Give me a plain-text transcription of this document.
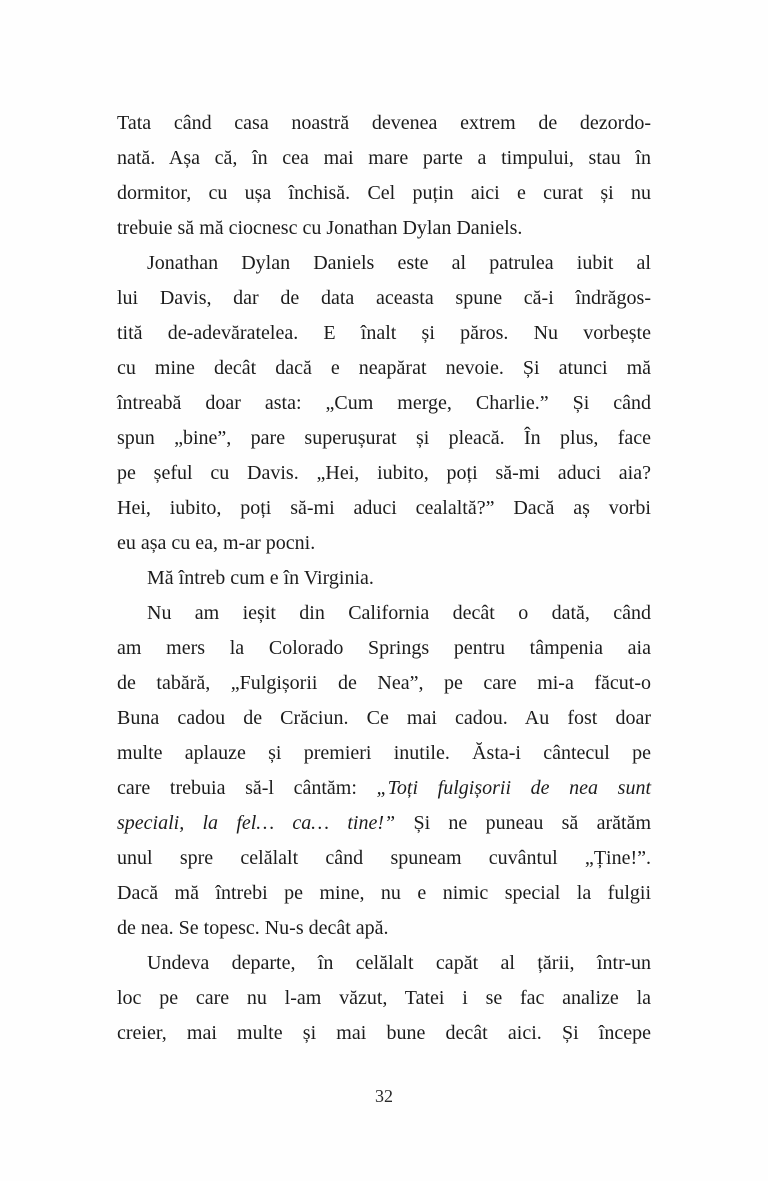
Tata când casa noastră devenea extrem de dezordo-
nată. Așa că, în cea mai mare parte a timpului, stau în
dormitor, cu ușa închisă. Cel puțin aici e curat și nu
trebuie să mă ciocnesc cu Jonathan Dylan Daniels.
Jonathan Dylan Daniels este al patrulea iubit al
lui Davis, dar de data aceasta spune că-i îndrăgos-
tită de-adevăratelea. E înalt și păros. Nu vorbește
cu mine decât dacă e neapărat nevoie. Și atunci mă
întreabă doar asta: „Cum merge, Charlie.” Și când
spun „bine”, pare superușurat și pleacă. În plus, face
pe șeful cu Davis. „Hei, iubito, poți să-mi aduci aia?
Hei, iubito, poți să-mi aduci cealaltă?” Dacă aș vorbi
eu așa cu ea, m-ar pocni.
Mă întreb cum e în Virginia.
Nu am ieșit din California decât o dată, când
am mers la Colorado Springs pentru tâmpenia aia
de tabără, „Fulgișorii de Nea”, pe care mi-a făcut-o
Buna cadou de Crăciun. Ce mai cadou. Au fost doar
multe aplauze și premieri inutile. Ăsta-i cântecul pe
care trebuia să-l cântăm: „Toți fulgișorii de nea sunt
speciali, la fel… ca… tine!” Și ne puneau să arătăm
unul spre celălalt când spuneam cuvântul „Ține!”.
Dacă mă întrebi pe mine, nu e nimic special la fulgii
de nea. Se topesc. Nu-s decât apă.
Undeva departe, în celălalt capăt al țării, într-un
loc pe care nu l-am văzut, Tatei i se fac analize la
creier, mai multe și mai bune decât aici. Și începe
32
